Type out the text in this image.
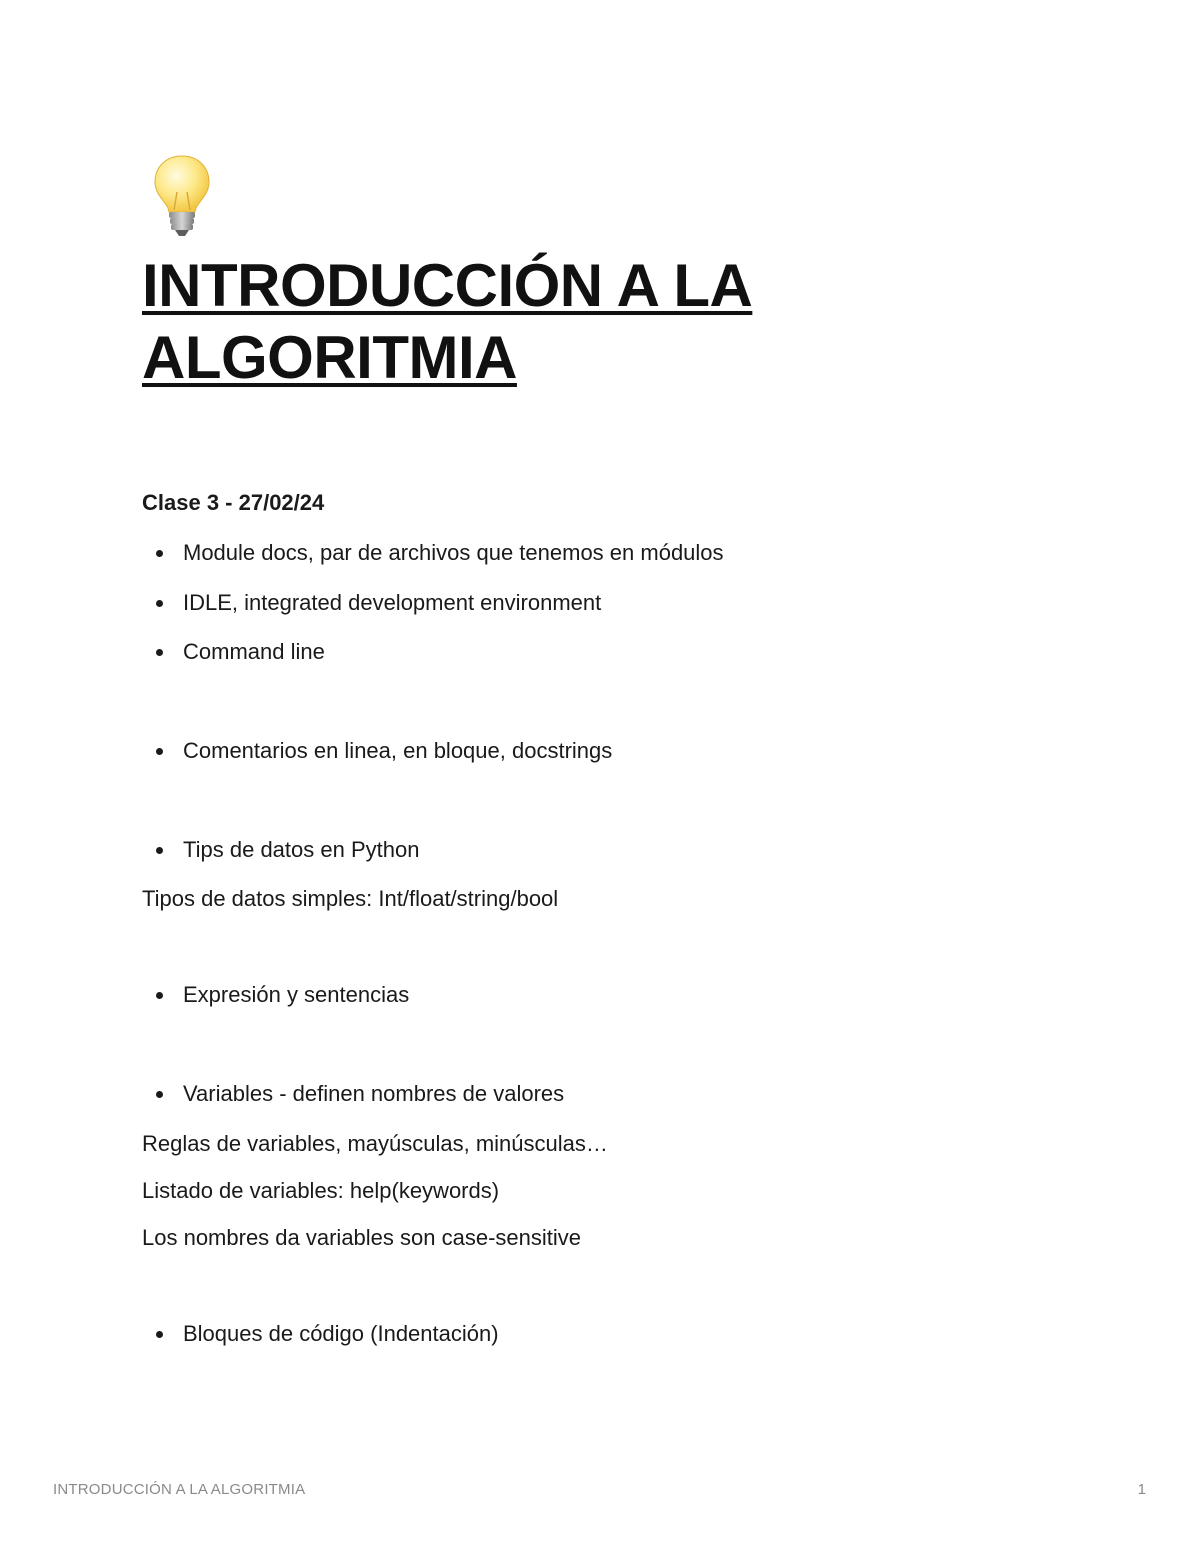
INTRODUCCIÓN A LA ALGORITMIA
Clase 3 - 27/02/24
Module docs, par de archivos que tenemos en módulos
IDLE, integrated development environment
Command line
Comentarios en linea, en bloque, docstrings
Tips de datos en Python
Tipos de datos simples: Int/float/string/bool
Expresión y sentencias
Variables - definen nombres de valores
Reglas de variables, mayúsculas, minúsculas…
Listado de variables: help(keywords)
Los nombres da variables son case-sensitive
Bloques de código (Indentación)
INTRODUCCIÓN A LA ALGORITMIA	1
